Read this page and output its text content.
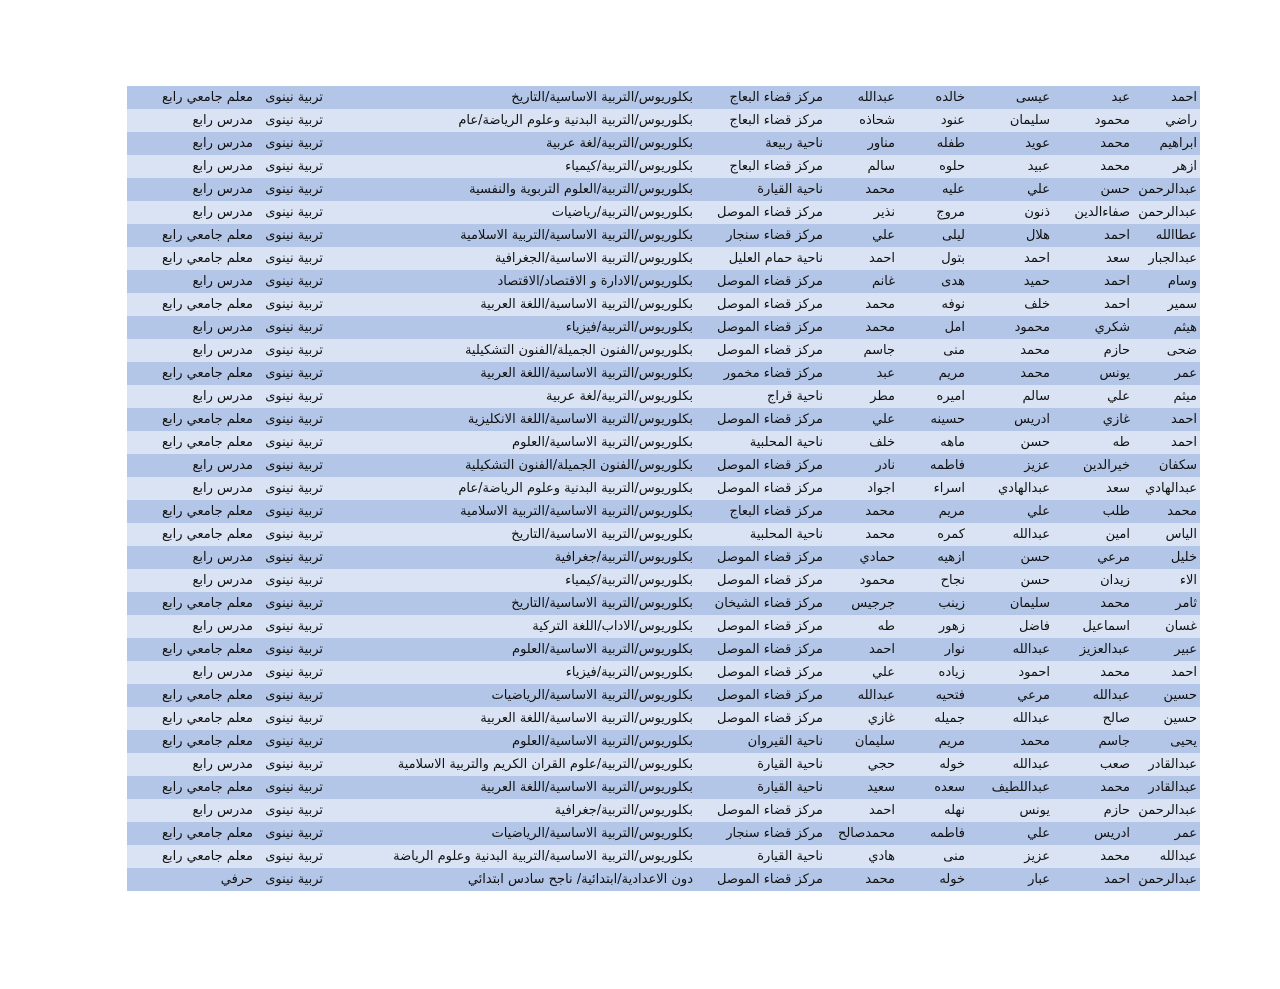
احمد
عبد
عيسى
خالده
عبدالله
مركز قضاء البعاج
بكلوريوس/التربية الاساسية/التاريخ
تربية نينوى
معلم جامعي رابع
راضي
محمود
سليمان
عنود
شحاذه
مركز قضاء البعاج
بكلوريوس/التربية البدنية وعلوم الرياضة/عام
تربية نينوى
مدرس رابع
ابراهيم
محمد
عويد
طفله
مناور
ناحية ربيعة
بكلوريوس/التربية/لغة عربية
تربية نينوى
مدرس رابع
ازهر
محمد
عبيد
حلوه
سالم
مركز قضاء البعاج
بكلوريوس/التربية/كيمياء
تربية نينوى
مدرس رابع
عبدالرحمن
حسن
علي
عليه
محمد
ناحية القيارة
بكلوريوس/التربية/العلوم التربوية والنفسية
تربية نينوى
مدرس رابع
عبدالرحمن
صفاءالدين
ذنون
مروج
نذير
مركز قضاء الموصل
بكلوريوس/التربية/رياضيات
تربية نينوى
مدرس رابع
عطاالله
احمد
هلال
ليلى
علي
مركز قضاء سنجار
بكلوريوس/التربية الاساسية/التربية الاسلامية
تربية نينوى
معلم جامعي رابع
عبدالجبار
سعد
احمد
بتول
احمد
ناحية حمام العليل
بكلوريوس/التربية الاساسية/الجغرافية
تربية نينوى
معلم جامعي رابع
وسام
احمد
حميد
هدى
غانم
مركز قضاء الموصل
بكلوريوس/الادارة و الاقتصاد/الاقتصاد
تربية نينوى
مدرس رابع
سمير
احمد
خلف
نوفه
محمد
مركز قضاء الموصل
بكلوريوس/التربية الاساسية/اللغة العربية
تربية نينوى
معلم جامعي رابع
هيثم
شكري
محمود
امل
محمد
مركز قضاء الموصل
بكلوريوس/التربية/فيزياء
تربية نينوى
مدرس رابع
ضحى
حازم
محمد
منى
جاسم
مركز قضاء الموصل
بكلوريوس/الفنون الجميلة/الفنون التشكيلية
تربية نينوى
مدرس رابع
عمر
يونس
محمد
مريم
عبد
مركز قضاء مخمور
بكلوريوس/التربية الاساسية/اللغة العربية
تربية نينوى
معلم جامعي رابع
ميثم
علي
سالم
اميره
مطر
ناحية قراج
بكلوريوس/التربية/لغة عربية
تربية نينوى
مدرس رابع
احمد
غازي
ادريس
حسينه
علي
مركز قضاء الموصل
بكلوريوس/التربية الاساسية/اللغة الانكليزية
تربية نينوى
معلم جامعي رابع
احمد
طه
حسن
ماهه
خلف
ناحية المحلبية
بكلوريوس/التربية الاساسية/العلوم
تربية نينوى
معلم جامعي رابع
سكفان
خيرالدين
عزيز
فاطمه
نادر
مركز قضاء الموصل
بكلوريوس/الفنون الجميلة/الفنون التشكيلية
تربية نينوى
مدرس رابع
عبدالهادي
سعد
عبدالهادي
اسراء
اجواد
مركز قضاء الموصل
بكلوريوس/التربية البدنية وعلوم الرياضة/عام
تربية نينوى
مدرس رابع
محمد
طلب
علي
مريم
محمد
مركز قضاء البعاج
بكلوريوس/التربية الاساسية/التربية الاسلامية
تربية نينوى
معلم جامعي رابع
الياس
امين
عبدالله
كمره
محمد
ناحية المحلبية
بكلوريوس/التربية الاساسية/التاريخ
تربية نينوى
معلم جامعي رابع
خليل
مرعي
حسن
ازهيه
حمادي
مركز قضاء الموصل
بكلوريوس/التربية/جغرافية
تربية نينوى
مدرس رابع
الاء
زيدان
حسن
نجاح
محمود
مركز قضاء الموصل
بكلوريوس/التربية/كيمياء
تربية نينوى
مدرس رابع
ثامر
محمد
سليمان
زينب
جرجيس
مركز قضاء الشيخان
بكلوريوس/التربية الاساسية/التاريخ
تربية نينوى
معلم جامعي رابع
غسان
اسماعيل
فاضل
زهور
طه
مركز قضاء الموصل
بكلوريوس/الاداب/اللغة التركية
تربية نينوى
مدرس رابع
عبير
عبدالعزيز
عبدالله
نوار
احمد
مركز قضاء الموصل
بكلوريوس/التربية الاساسية/العلوم
تربية نينوى
معلم جامعي رابع
احمد
محمد
احمود
زياده
علي
مركز قضاء الموصل
بكلوريوس/التربية/فيزياء
تربية نينوى
مدرس رابع
حسين
عبدالله
مرعي
فتحيه
عبدالله
مركز قضاء الموصل
بكلوريوس/التربية الاساسية/الرياضيات
تربية نينوى
معلم جامعي رابع
حسين
صالح
عبدالله
جميله
غازي
مركز قضاء الموصل
بكلوريوس/التربية الاساسية/اللغة العربية
تربية نينوى
معلم جامعي رابع
يحيى
جاسم
محمد
مريم
سليمان
ناحية القيروان
بكلوريوس/التربية الاساسية/العلوم
تربية نينوى
معلم جامعي رابع
عبدالقادر
صعب
عبدالله
خوله
حجي
ناحية القيارة
بكلوريوس/التربية/علوم القران الكريم والتربية الاسلامية
تربية نينوى
مدرس رابع
عبدالقادر
محمد
عبداللطيف
سعده
سعيد
ناحية القيارة
بكلوريوس/التربية الاساسية/اللغة العربية
تربية نينوى
معلم جامعي رابع
عبدالرحمن
حازم
يونس
نهله
احمد
مركز قضاء الموصل
بكلوريوس/التربية/جغرافية
تربية نينوى
مدرس رابع
عمر
ادريس
علي
فاطمه
محمدصالح
مركز قضاء سنجار
بكلوريوس/التربية الاساسية/الرياضيات
تربية نينوى
معلم جامعي رابع
عبدالله
محمد
عزيز
منى
هادي
ناحية القيارة
بكلوريوس/التربية الاساسية/التربية البدنية وعلوم الرياضة
تربية نينوى
معلم جامعي رابع
عبدالرحمن
احمد
عبار
خوله
محمد
مركز قضاء الموصل
دون الاعدادية/ابتدائية/ ناجح سادس ابتدائي
تربية نينوى
حرفي
